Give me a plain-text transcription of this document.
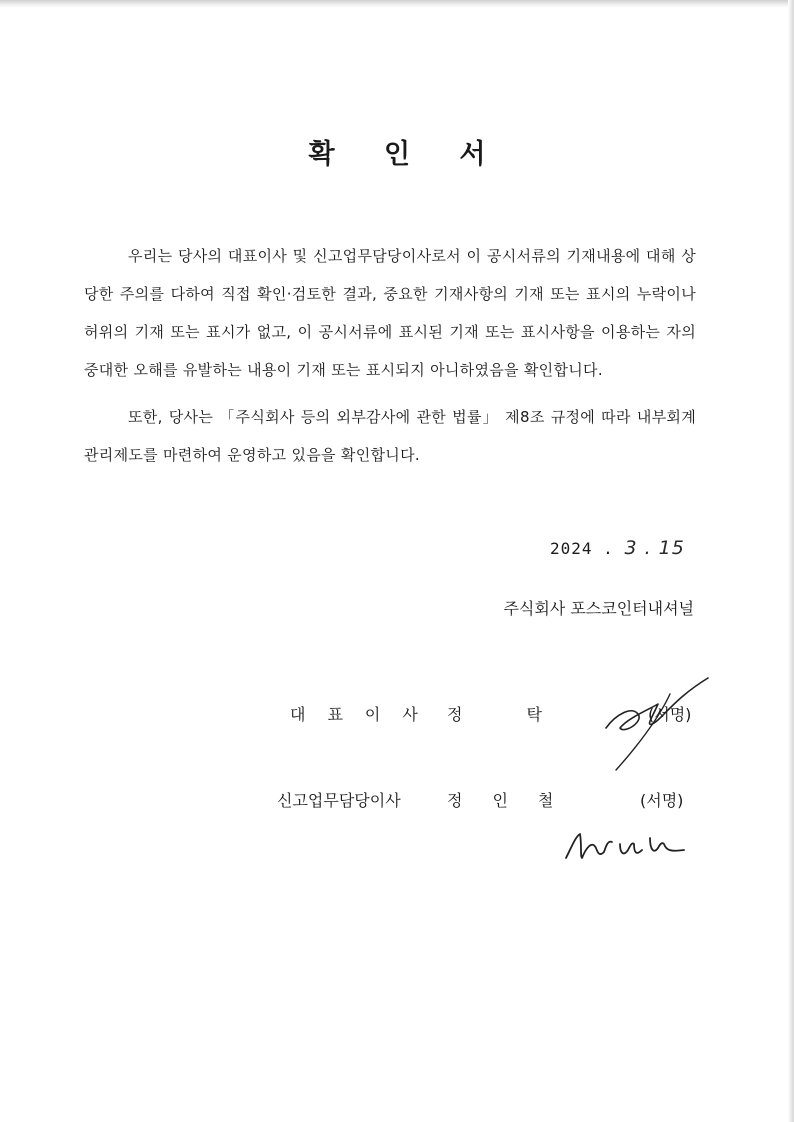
확 인 서

우리는 당사의 대표이사 및 신고업무담당이사로서 이 공시서류의 기재내용에 대해 상당한 주의를 다하여 직접 확인·검토한 결과, 중요한 기재사항의 기재 또는 표시의 누락이나 허위의 기재 또는 표시가 없고, 이 공시서류에 표시된 기재 또는 표시사항을 이용하는 자의 중대한 오해를 유발하는 내용이 기재 또는 표시되지 아니하였음을 확인합니다.

또한, 당사는 「주식회사 등의 외부감사에 관한 법률」 제8조 규정에 따라 내부회계관리제도를 마련하여 운영하고 있음을 확인합니다.

2024 . 3 . 15
주식회사 포스코인터내셔널
대표이사 정탁	(서명)
신고업무담당이사	정인철	(서명)
